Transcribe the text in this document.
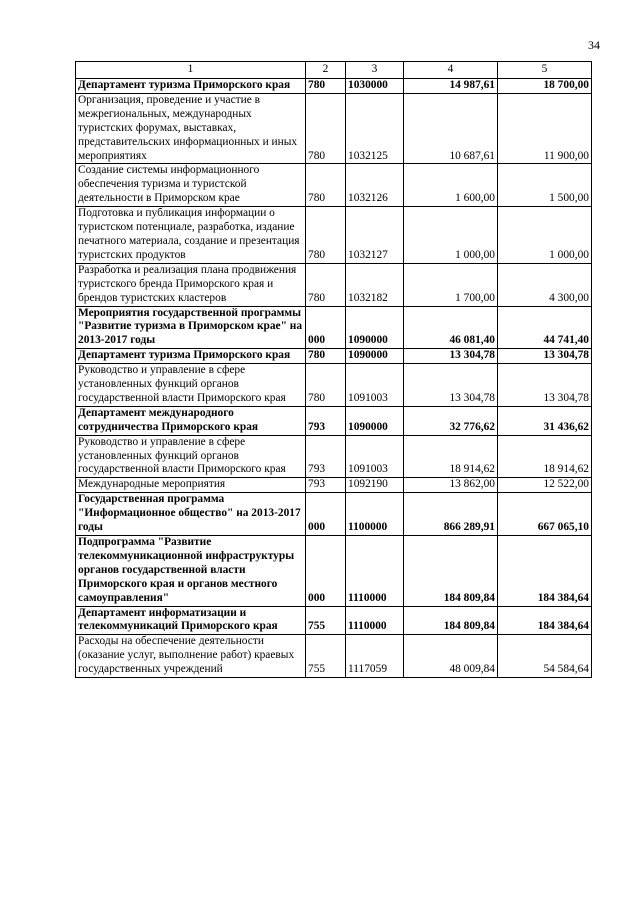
34
1	2	3	4	5
Департамент туризма Приморского края	780	1030000	14 987,61	18 700,00
Организация, проведение и участие в межрегиональных, международных туристских форумах, выставках, представительских информационных и иных мероприятиях	780	1032125	10 687,61	11 900,00
Создание системы информационного обеспечения туризма и туристской деятельности в Приморском крае	780	1032126	1 600,00	1 500,00
Подготовка и публикация информации о туристском потенциале, разработка, издание печатного материала, создание и презентация туристских продуктов	780	1032127	1 000,00	1 000,00
Разработка и реализация плана продвижения туристского бренда Приморского края и брендов туристских кластеров	780	1032182	1 700,00	4 300,00
Мероприятия государственной программы "Развитие туризма в Приморском крае" на 2013-2017 годы	000	1090000	46 081,40	44 741,40
Департамент туризма Приморского края	780	1090000	13 304,78	13 304,78
Руководство и управление в сфере установленных функций органов государственной власти Приморского края	780	1091003	13 304,78	13 304,78
Департамент международного сотрудничества Приморского края	793	1090000	32 776,62	31 436,62
Руководство и управление в сфере установленных функций органов государственной власти Приморского края	793	1091003	18 914,62	18 914,62
Международные мероприятия	793	1092190	13 862,00	12 522,00
Государственная программа "Информационное общество" на 2013-2017 годы	000	1100000	866 289,91	667 065,10
Подпрограмма "Развитие телекоммуникационной инфраструктуры органов государственной власти Приморского края и органов местного самоуправления"	000	1110000	184 809,84	184 384,64
Департамент информатизации и телекоммуникаций Приморского края	755	1110000	184 809,84	184 384,64
Расходы на обеспечение деятельности (оказание услуг, выполнение работ) краевых государственных учреждений	755	1117059	48 009,84	54 584,64
